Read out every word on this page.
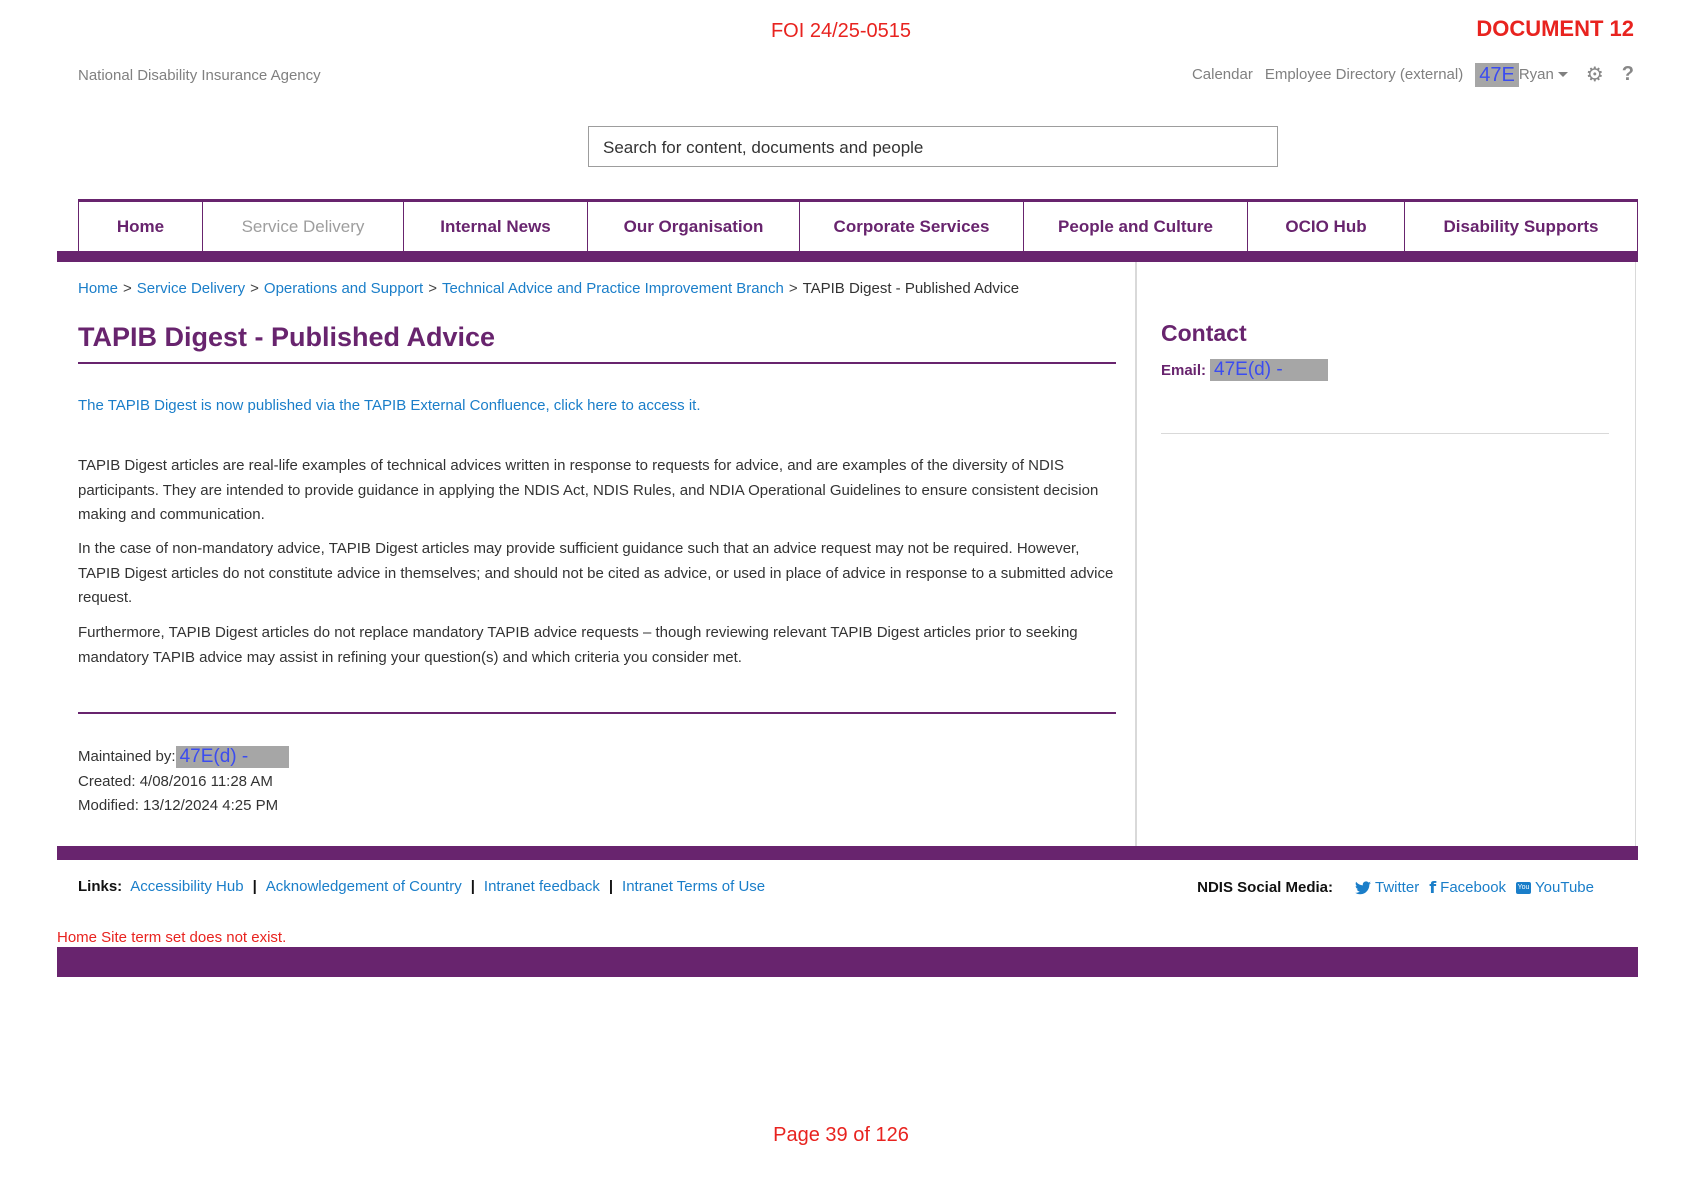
FOI 24/25-0515	DOCUMENT 12
National Disability Insurance Agency	Calendar Employee Directory (external) 47E Ryan ⚙ ?
Search for content, documents and people
Home	Service Delivery	Internal News	Our Organisation	Corporate Services	People and Culture	OCIO Hub	Disability Supports
Home > Service Delivery > Operations and Support > Technical Advice and Practice Improvement Branch > TAPIB Digest - Published Advice
TAPIB Digest - Published Advice
The TAPIB Digest is now published via the TAPIB External Confluence, click here to access it.
TAPIB Digest articles are real-life examples of technical advices written in response to requests for advice, and are examples of the diversity of NDIS participants. They are intended to provide guidance in applying the NDIS Act, NDIS Rules, and NDIA Operational Guidelines to ensure consistent decision making and communication.
In the case of non-mandatory advice, TAPIB Digest articles may provide sufficient guidance such that an advice request may not be required. However, TAPIB Digest articles do not constitute advice in themselves; and should not be cited as advice, or used in place of advice in response to a submitted advice request.
Furthermore, TAPIB Digest articles do not replace mandatory TAPIB advice requests – though reviewing relevant TAPIB Digest articles prior to seeking mandatory TAPIB advice may assist in refining your question(s) and which criteria you consider met.
Maintained by: 47E(d) -
Created: 4/08/2016 11:28 AM
Modified: 13/12/2024 4:25 PM
Contact
Email: 47E(d) -
Links: Accessibility Hub | Acknowledgement of Country | Intranet feedback | Intranet Terms of Use	NDIS Social Media:	Twitter f Facebook You YouTube
Home Site term set does not exist.
Page 39 of 126
